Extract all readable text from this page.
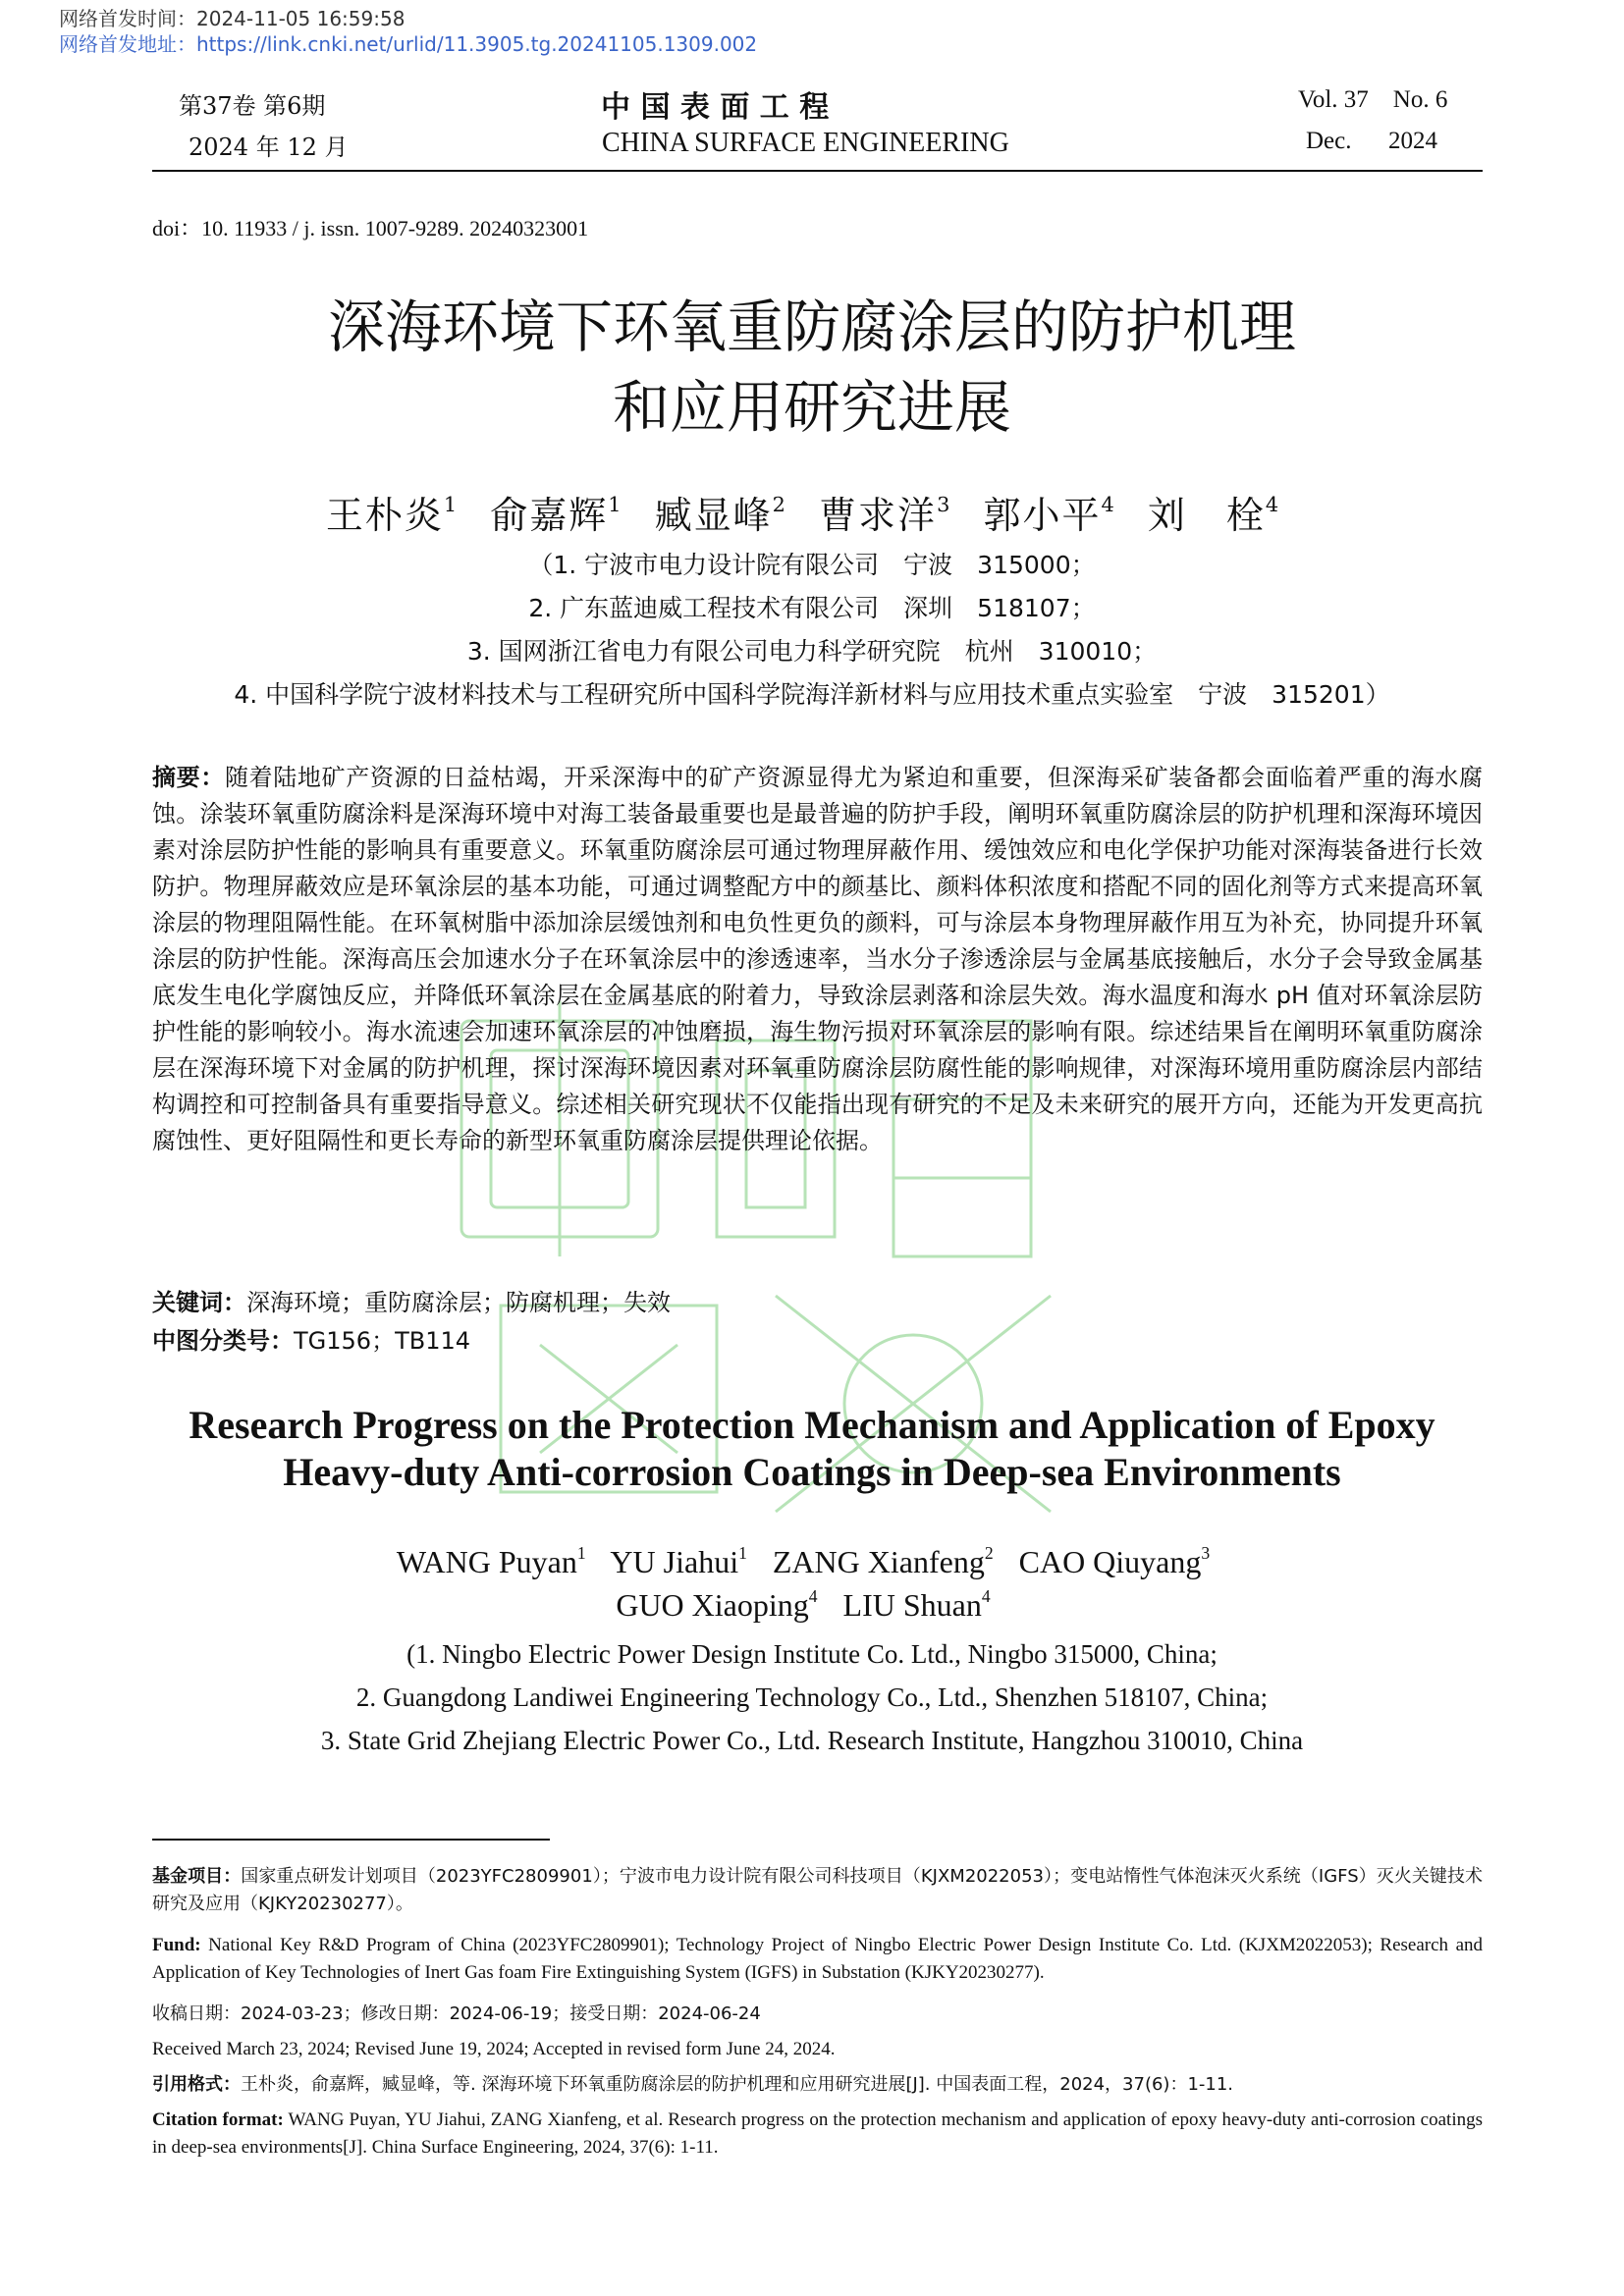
网络首发时间：2024-11-05 16:59:58
网络首发地址：https://link.cnki.net/urlid/11.3905.tg.20241105.1309.002
第37卷 第6期
2024 年 12 月
中 国 表 面 工 程
CHINA SURFACE ENGINEERING
Vol. 37    No. 6
Dec.      2024
doi：10. 11933 / j. issn. 1007-9289. 20240323001
深海环境下环氧重防腐涂层的防护机理
和应用研究进展
王朴炎$^1$ 俞嘉辉$^1$ 臧显峰$^2$ 曹求洋$^3$ 郭小平$^4$ 刘　栓$^4$
（1. 宁波市电力设计院有限公司　宁波　315000；
2. 广东蓝迪威工程技术有限公司　深圳　518107；
3. 国网浙江省电力有限公司电力科学研究院　杭州　310010；
4. 中国科学院宁波材料技术与工程研究所中国科学院海洋新材料与应用技术重点实验室　宁波　315201）
摘要：随着陆地矿产资源的日益枯竭，开采深海中的矿产资源显得尤为紧迫和重要，但深海采矿装备都会面临着严重的海水腐蚀。涂装环氧重防腐涂料是深海环境中对海工装备最重要也是最普遍的防护手段，阐明环氧重防腐涂层的防护机理和深海环境因素对涂层防护性能的影响具有重要意义。环氧重防腐涂层可通过物理屏蔽作用、缓蚀效应和电化学保护功能对深海装备进行长效防护。物理屏蔽效应是环氧涂层的基本功能，可通过调整配方中的颜基比、颜料体积浓度和搭配不同的固化剂等方式来提高环氧涂层的物理阻隔性能。在环氧树脂中添加涂层缓蚀剂和电负性更负的颜料，可与涂层本身物理屏蔽作用互为补充，协同提升环氧涂层的防护性能。深海高压会加速水分子在环氧涂层中的渗透速率，当水分子渗透涂层与金属基底接触后，水分子会导致金属基底发生电化学腐蚀反应，并降低环氧涂层在金属基底的附着力，导致涂层剥落和涂层失效。海水温度和海水 pH 值对环氧涂层防护性能的影响较小。海水流速会加速环氧涂层的冲蚀磨损，海生物污损对环氧涂层的影响有限。综述结果旨在阐明环氧重防腐涂层在深海环境下对金属的防护机理，探讨深海环境因素对环氧重防腐涂层防腐性能的影响规律，对深海环境用重防腐涂层内部结构调控和可控制备具有重要指导意义。综述相关研究现状不仅能指出现有研究的不足及未来研究的展开方向，还能为开发更高抗腐蚀性、更好阻隔性和更长寿命的新型环氧重防腐涂层提供理论依据。
关键词：深海环境；重防腐涂层；防腐机理；失效
中图分类号：TG156；TB114
Research Progress on the Protection Mechanism and Application of Epoxy
Heavy-duty Anti-corrosion Coatings in Deep-sea Environments
WANG Puyan$^1$ YU Jiahui$^1$ ZANG Xianfeng$^2$ CAO Qiuyang$^3$
GUO Xiaoping$^4$ LIU Shuan$^4$
(1. Ningbo Electric Power Design Institute Co. Ltd., Ningbo 315000, China;
2. Guangdong Landiwei Engineering Technology Co., Ltd., Shenzhen 518107, China;
3. State Grid Zhejiang Electric Power Co., Ltd. Research Institute, Hangzhou 310010, China
基金项目：国家重点研发计划项目（2023YFC2809901）；宁波市电力设计院有限公司科技项目（KJXM2022053）；变电站惰性气体泡沫灭火系统（IGFS）灭火关键技术研究及应用（KJKY20230277）。
Fund: National Key R&D Program of China (2023YFC2809901); Technology Project of Ningbo Electric Power Design Institute Co. Ltd. (KJXM2022053); Research and Application of Key Technologies of Inert Gas foam Fire Extinguishing System (IGFS) in Substation (KJKY20230277).
收稿日期：2024-03-23；修改日期：2024-06-19；接受日期：2024-06-24
Received March 23, 2024; Revised June 19, 2024; Accepted in revised form June 24, 2024.
引用格式：王朴炎，俞嘉辉，臧显峰，等. 深海环境下环氧重防腐涂层的防护机理和应用研究进展[J]. 中国表面工程，2024，37(6)：1-11.
Citation format: WANG Puyan, YU Jiahui, ZANG Xianfeng, et al. Research progress on the protection mechanism and application of epoxy heavy-duty anti-corrosion coatings in deep-sea environments[J]. China Surface Engineering, 2024, 37(6): 1-11.
